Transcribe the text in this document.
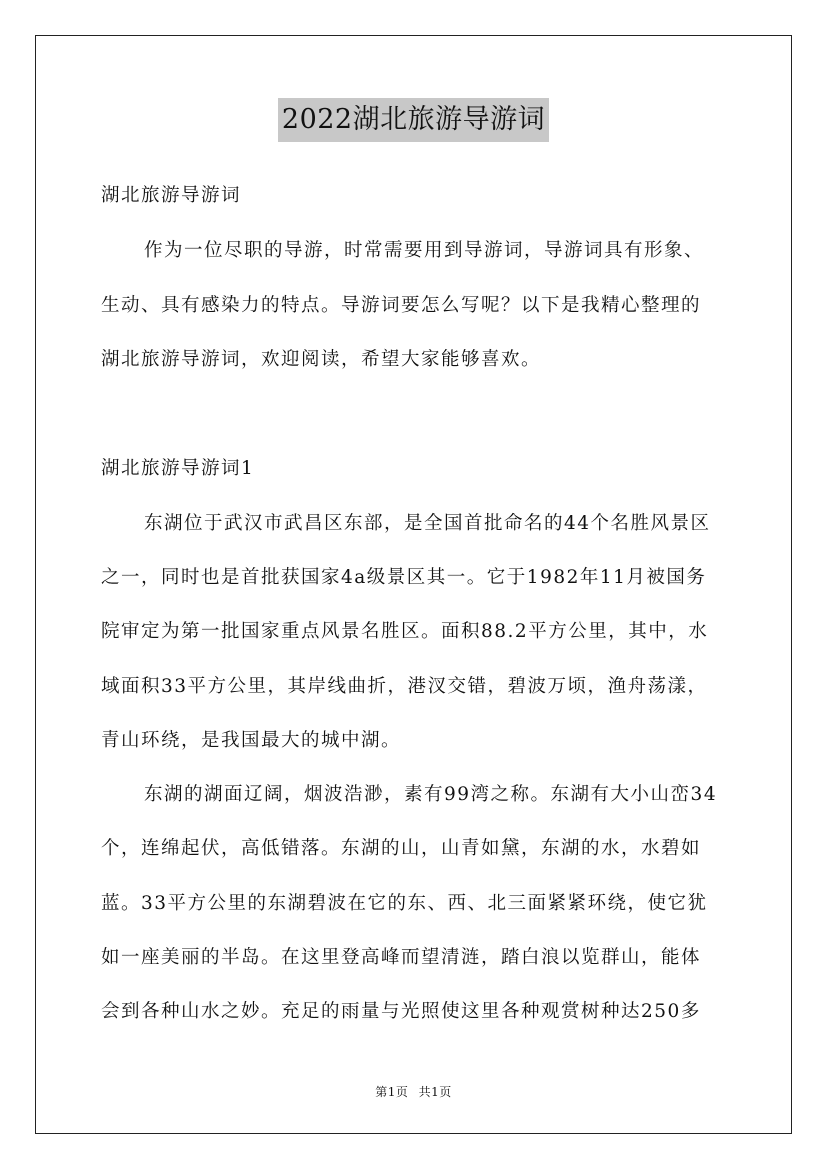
2022湖北旅游导游词

湖北旅游导游词

作为一位尽职的导游，时常需要用到导游词，导游词具有形象、

生动、具有感染力的特点。导游词要怎么写呢？以下是我精心整理的

湖北旅游导游词，欢迎阅读，希望大家能够喜欢。

湖北旅游导游词1

东湖位于武汉市武昌区东部，是全国首批命名的44个名胜风景区

之一，同时也是首批获国家4a级景区其一。它于1982年11月被国务

院审定为第一批国家重点风景名胜区。面积88.2平方公里，其中，水

域面积33平方公里，其岸线曲折，港汊交错，碧波万顷，渔舟荡漾，

青山环绕，是我国最大的城中湖。

东湖的湖面辽阔，烟波浩渺，素有99湾之称。东湖有大小山峦34

个，连绵起伏，高低错落。东湖的山，山青如黛，东湖的水，水碧如

蓝。33平方公里的东湖碧波在它的东、西、北三面紧紧环绕，使它犹

如一座美丽的半岛。在这里登高峰而望清涟，踏白浪以览群山，能体

会到各种山水之妙。充足的雨量与光照使这里各种观赏树种达250多

第1页 共1页
